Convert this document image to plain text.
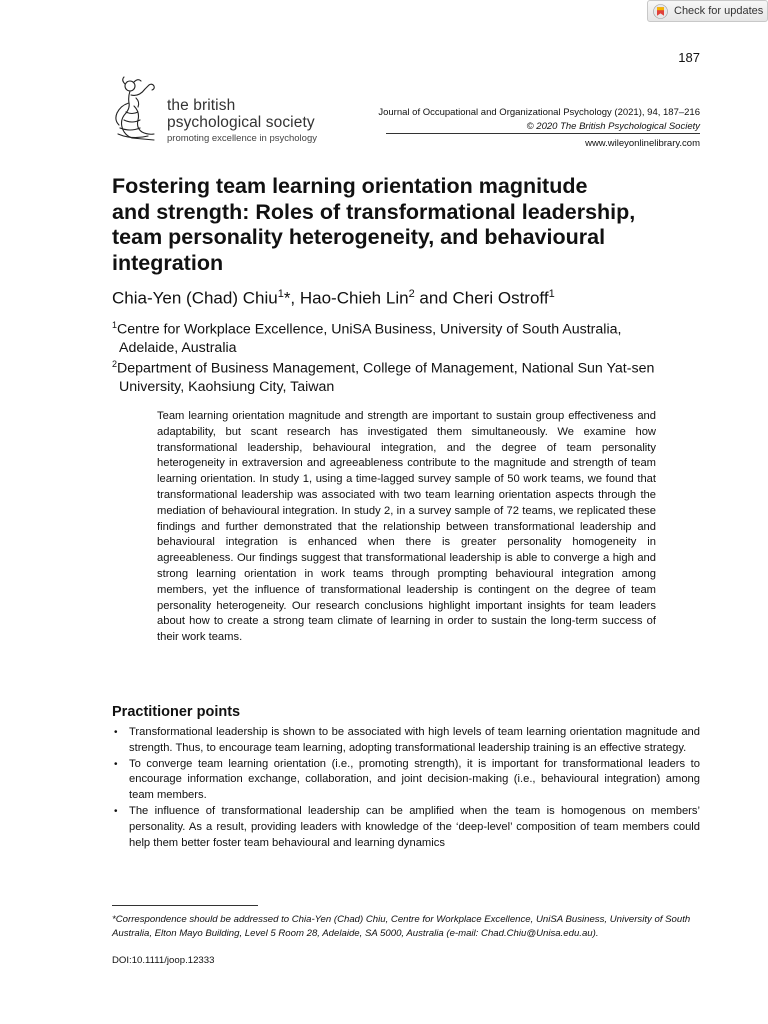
Check for updates
187
the british
psychological society
promoting excellence in psychology
Journal of Occupational and Organizational Psychology (2021), 94, 187–216
© 2020 The British Psychological Society
www.wileyonlinelibrary.com
Fostering team learning orientation magnitude
and strength: Roles of transformational leadership,
team personality heterogeneity, and behavioural
integration
Chia-Yen (Chad) Chiu$^1$*, Hao-Chieh Lin$^2$ and Cheri Ostroff$^1$
$^1$Centre for Workplace Excellence, UniSA Business, University of South Australia,
Adelaide, Australia
$^2$Department of Business Management, College of Management, National Sun Yat-sen
University, Kaohsiung City, Taiwan
Team learning orientation magnitude and strength are important to sustain group effectiveness and adaptability, but scant research has investigated them simultaneously. We examine how transformational leadership, behavioural integration, and the degree of team personality heterogeneity in extraversion and agreeableness contribute to the magnitude and strength of team learning orientation. In study 1, using a time-lagged survey sample of 50 work teams, we found that transformational leadership was associated with two team learning orientation aspects through the mediation of behavioural integration. In study 2, in a survey sample of 72 teams, we replicated these findings and further demonstrated that the relationship between transformational leadership and behavioural integration is enhanced when there is greater personality homogeneity in agreeableness. Our findings suggest that transformational leadership is able to converge a high and strong learning orientation in work teams through prompting behavioural integration among members, yet the influence of transformational leadership is contingent on the degree of team personality heterogeneity. Our research conclusions highlight important insights for team leaders about how to create a strong team climate of learning in order to sustain the long-term success of their work teams.
Practitioner points
• Transformational leadership is shown to be associated with high levels of team learning orientation magnitude and strength. Thus, to encourage team learning, adopting transformational leadership training is an effective strategy.
• To converge team learning orientation (i.e., promoting strength), it is important for transformational leaders to encourage information exchange, collaboration, and joint decision-making (i.e., behavioural integration) among team members.
• The influence of transformational leadership can be amplified when the team is homogenous on members’ personality. As a result, providing leaders with knowledge of the ‘deep-level’ composition of team members could help them better foster team behavioural and learning dynamics
*Correspondence should be addressed to Chia-Yen (Chad) Chiu, Centre for Workplace Excellence, UniSA Business, University of South Australia, Elton Mayo Building, Level 5 Room 28, Adelaide, SA 5000, Australia (e-mail: Chad.Chiu@Unisa.edu.au).
DOI:10.1111/joop.12333
